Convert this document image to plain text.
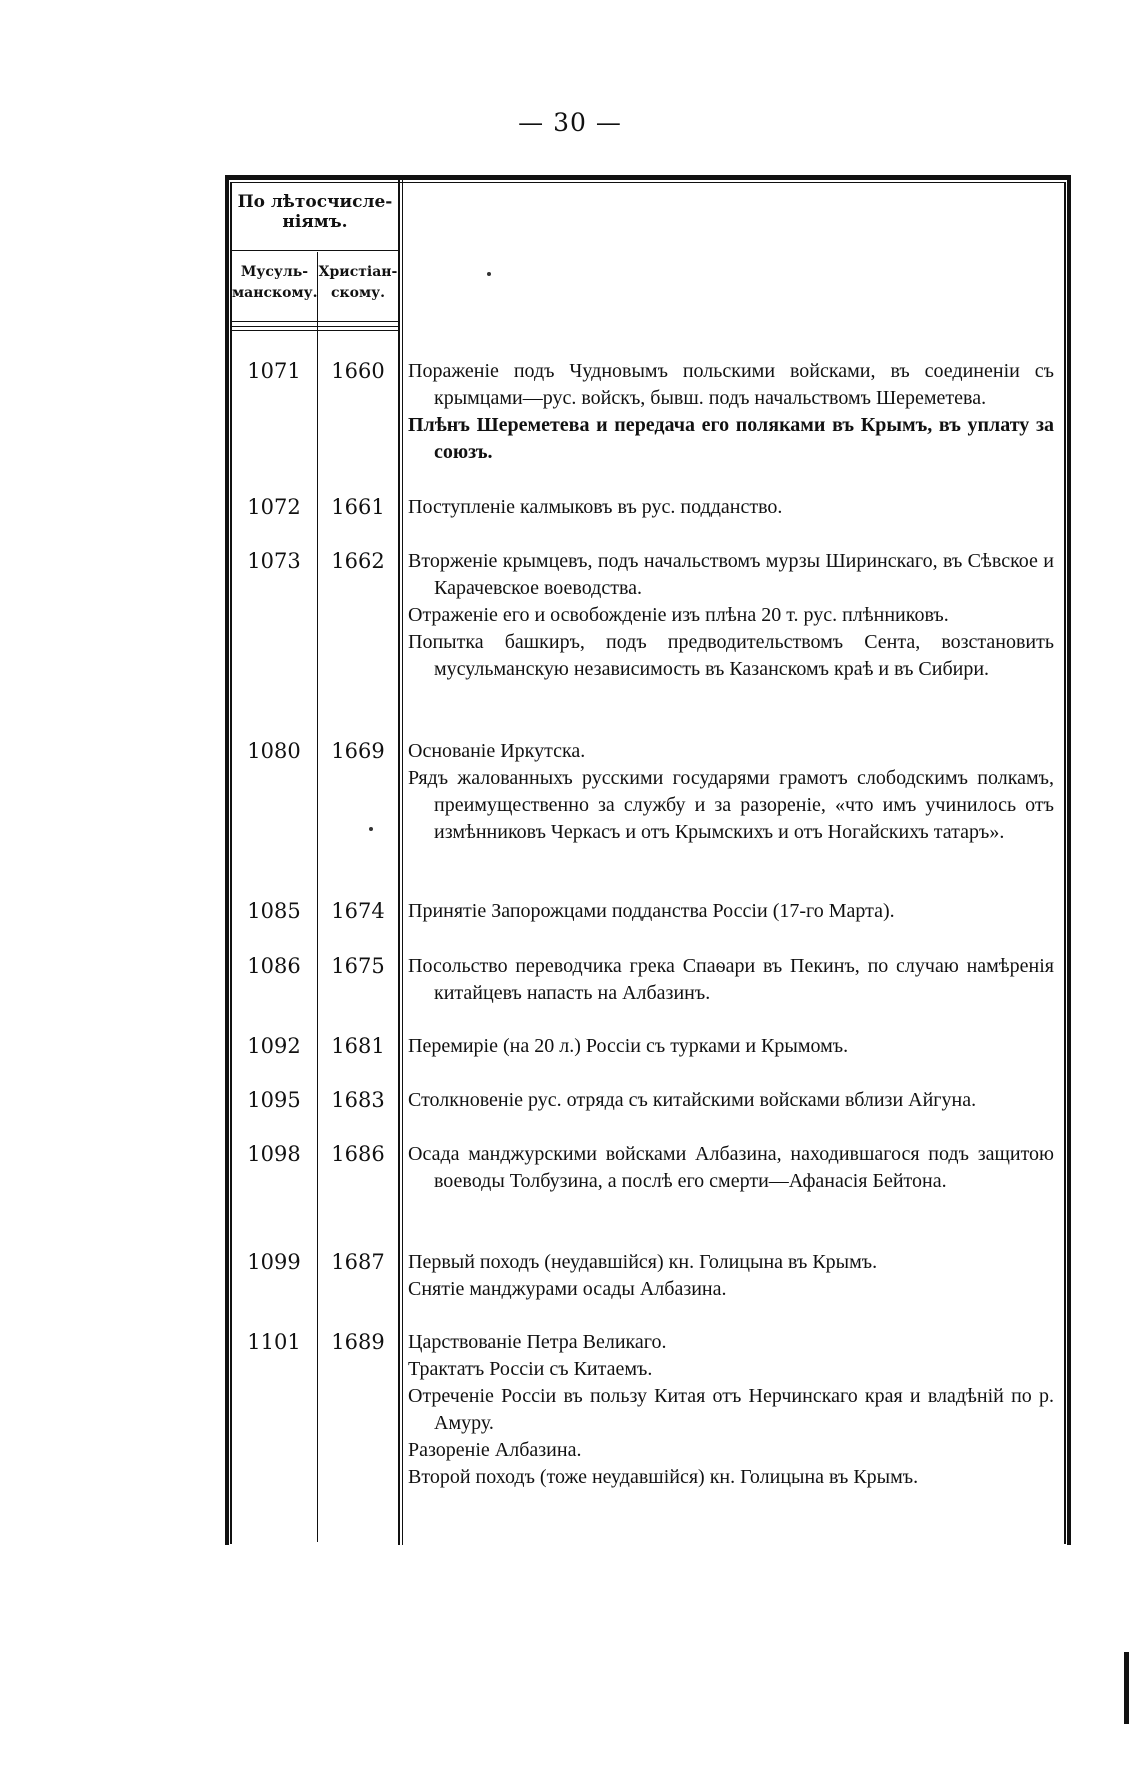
— 30 —
По лѣтосчисле-ніямъ.
Мусуль-манскому.
Христіан-скому.
1071	1660	Пораженіе подъ Чудновымъ польскими войсками, въ соединеніи съ крымцами—рус. войскъ, бывш. подъ начальствомъ Шереметева.
Плѣнъ Шереметева и передача его поляками въ Крымъ, въ уплату за союзъ.
1072	1661	Поступленіе калмыковъ въ рус. подданство.
1073	1662	Вторженіе крымцевъ, подъ начальствомъ мурзы Ширинскаго, въ Сѣвское и Карачевское воеводства.
Отраженіе его и освобожденіе изъ плѣна 20 т. рус. плѣнниковъ.
Попытка башкиръ, подъ предводительствомъ Сента, возстановить мусульманскую независимость въ Казанскомъ краѣ и въ Сибири.
1080	1669	Основаніе Иркутска.
Рядъ жалованныхъ русскими государями грамотъ слободскимъ полкамъ, преимущественно за службу и за разореніе, «что имъ учинилось отъ измѣнниковъ Черкасъ и отъ Крымскихъ и отъ Ногайскихъ татаръ».
1085	1674	Принятіе Запорожцами подданства Россіи (17-го Марта).
1086	1675	Посольство переводчика грека Спаѳари въ Пекинъ, по случаю намѣренія китайцевъ напасть на Албазинъ.
1092	1681	Перемиріе (на 20 л.) Россіи съ турками и Крымомъ.
1095	1683	Столкновеніе рус. отряда съ китайскими войсками вблизи Айгуна.
1098	1686	Осада манджурскими войсками Албазина, находившагося подъ защитою воеводы Толбузина, а послѣ его смерти—Афанасія Бейтона.
1099	1687	Первый походъ (неудавшійся) кн. Голицына въ Крымъ.
Снятіе манджурами осады Албазина.
1101	1689	Царствованіе Петра Великаго.
Трактатъ Россіи съ Китаемъ.
Отреченіе Россіи въ пользу Китая отъ Нерчинскаго края и владѣній по р. Амуру.
Разореніе Албазина.
Второй походъ (тоже неудавшійся) кн. Голицына въ Крымъ.
